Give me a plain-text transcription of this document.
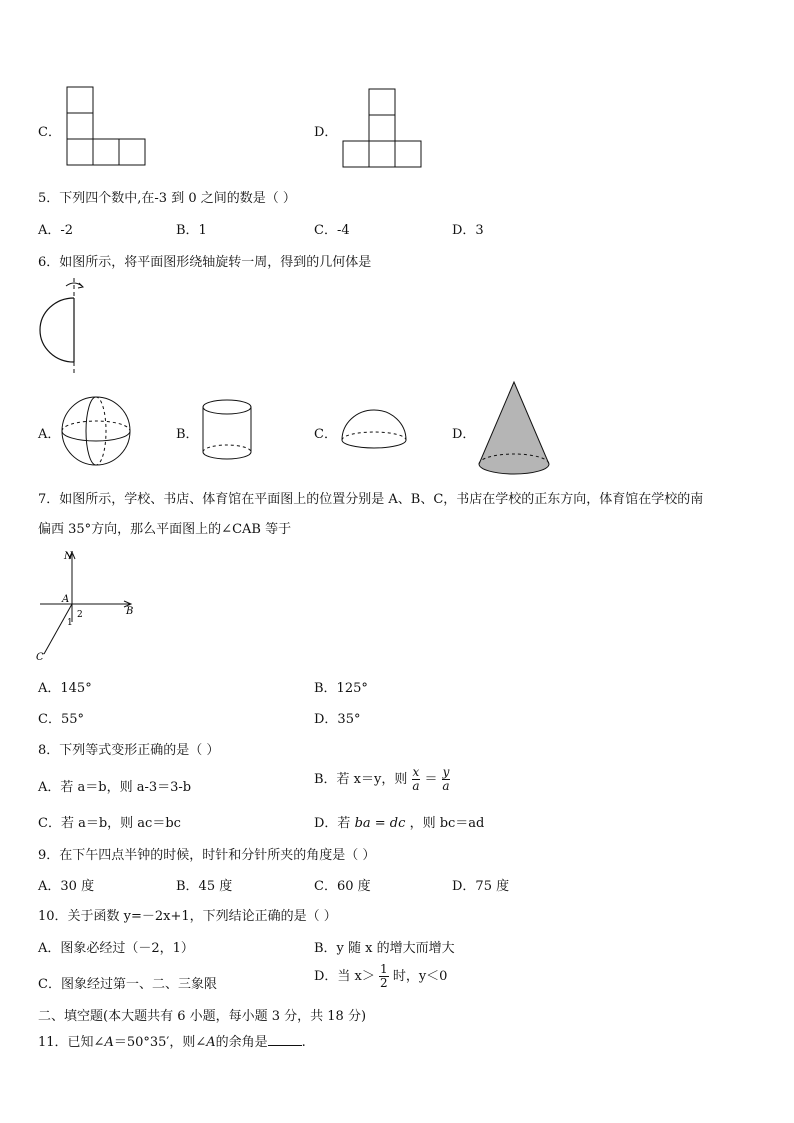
C．	D．
5．下列四个数中,在-3 到 0 之间的数是（ ）
A．-2	B．1	C．-4	D．3
6．如图所示，将平面图形绕轴旋转一周，得到的几何体是
A．	B．	C．	D．
7．如图所示，学校、书店、体育馆在平面图上的位置分别是 A、B、C，书店在学校的正东方向，体育馆在学校的南
偏西 35°方向，那么平面图上的∠CAB 等于
N
A
B
C
1
2
A．145°	B．125°
C．55°	D．35°
8．下列等式变形正确的是（ ）
A．若 a＝b，则 a-3＝3-b
B．若 x＝y，则 $\frac{x}{a} = \frac{y}{a}$
C．若 a＝b，则 ac＝bc	D．若 ba = dc ，则 bc＝ad
9．在下午四点半钟的时候，时针和分针所夹的角度是（ ）
A．30 度	B．45 度	C．60 度	D．75 度
10．关于函数 y=－2x+1，下列结论正确的是（ ）
A．图象必经过（－2，1）	B．y 随 x 的增大而增大
C．图象经过第一、二、三象限
D．当 $x> \frac{1}{2}$ 时，y＜0
二、填空题(本大题共有 6 小题，每小题 3 分，共 18 分)
11．已知∠A＝50°35′，则∠A的余角是	.
